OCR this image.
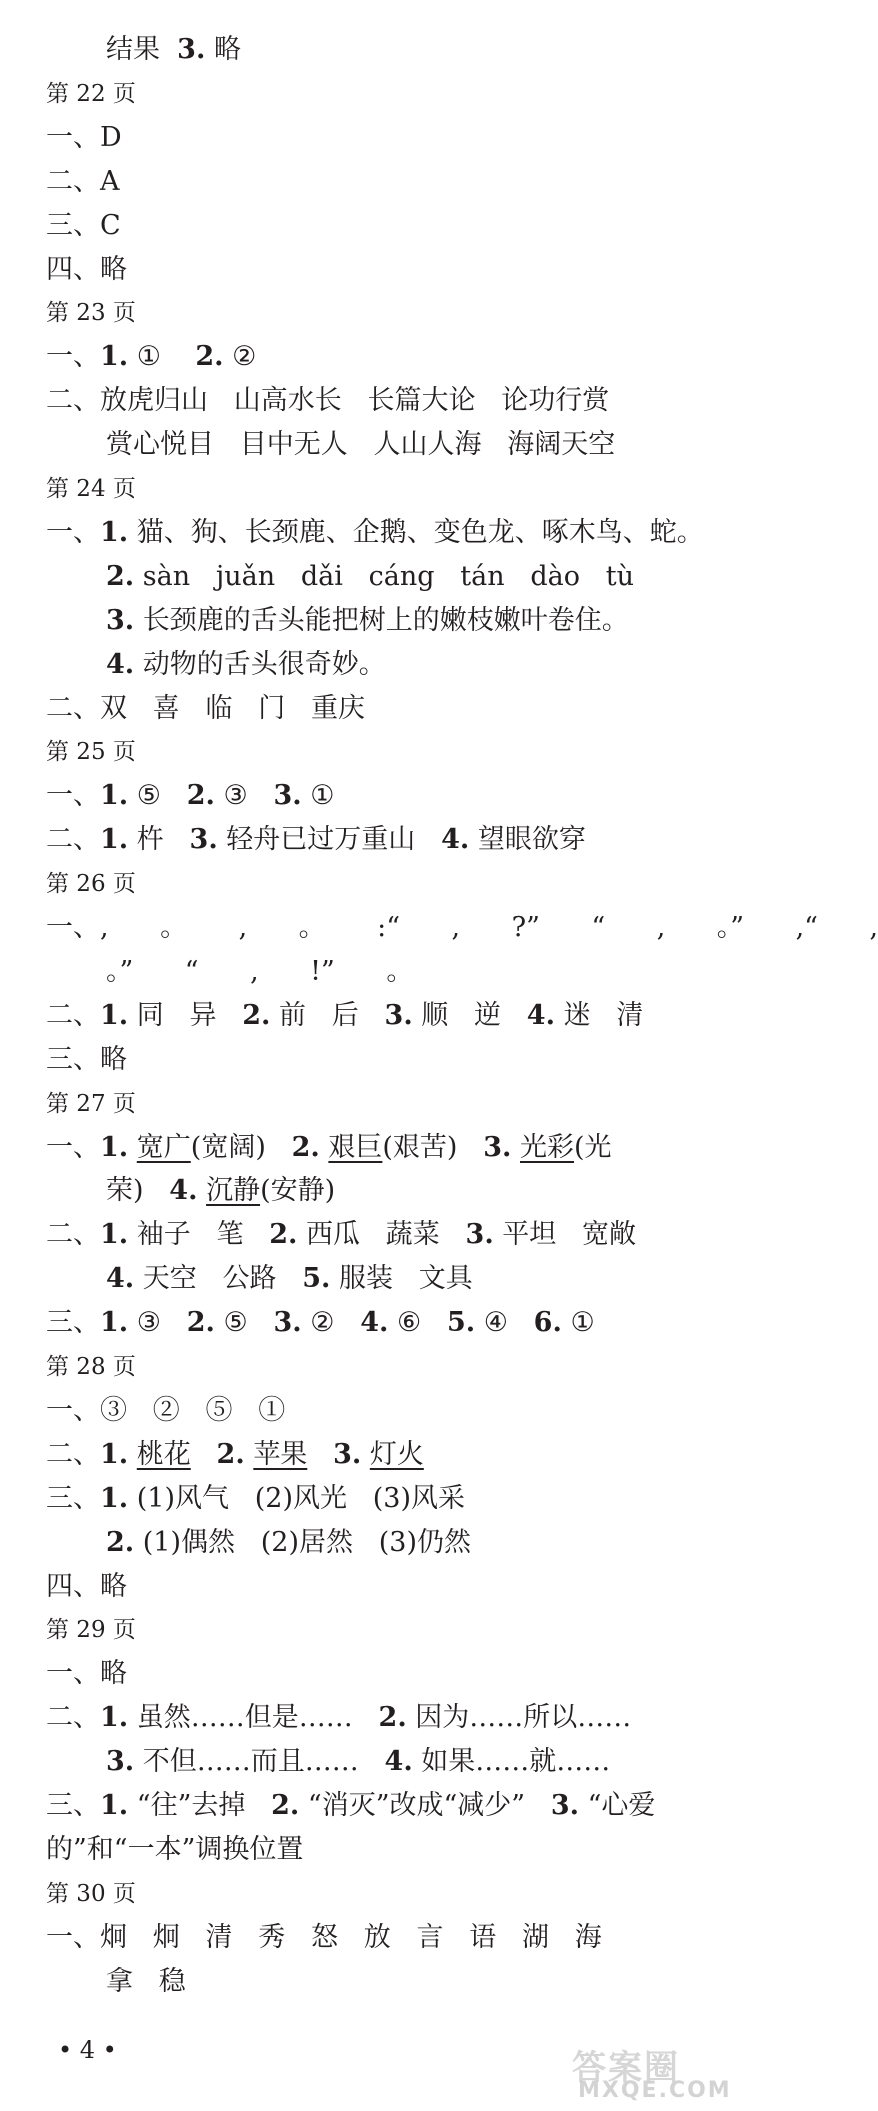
结果  3. 略
第 22 页
一、D
二、A
三、C
四、略
第 23 页
一、1. ①    2. ②
二、放虎归山   山高水长   长篇大论   论功行赏
赏心悦目   目中无人   人山人海   海阔天空
第 24 页
一、1. 猫、狗、长颈鹿、企鹅、变色龙、啄木鸟、蛇。
2. sàn   juǎn   dǎi   cáng   tán   dào   tù
3. 长颈鹿的舌头能把树上的嫩枝嫩叶卷住。
4. 动物的舌头很奇妙。
二、双   喜   临   门   重庆
第 25 页
一、1. ⑤   2. ③   3. ①
二、1. 杵   3. 轻舟已过万重山   4. 望眼欲穿
第 26 页
一、,      。      ,      。      :“      ,      ?”      “      ,      。”      ,“      ,
。”      “      ,      !”      。
二、1. 同   异   2. 前   后   3. 顺   逆   4. 迷   清
三、略
第 27 页
一、1. 宽广(宽阔)   2. 艰巨(艰苦)   3. 光彩(光
荣)   4. 沉静(安静)
二、1. 袖子   笔   2. 西瓜   蔬菜   3. 平坦   宽敞
4. 天空   公路   5. 服装   文具
三、1. ③   2. ⑤   3. ②   4. ⑥   5. ④   6. ①
第 28 页
一、③   ②   ⑤   ①
二、1. 桃花 2. 苹果 3. 灯火
三、1. (1)风气   (2)风光   (3)风采
2. (1)偶然   (2)居然   (3)仍然
四、略
第 29 页
一、略
二、1. 虽然……但是……   2. 因为……所以……
3. 不但……而且……   4. 如果……就……
三、1. “往”去掉   2. “消灭”改成“减少”   3. “心爱
的”和“一本”调换位置
第 30 页
一、炯   炯   清   秀   怒   放   言   语   湖   海
拿   稳
• 4 •	答案圈
MXQE.COM
